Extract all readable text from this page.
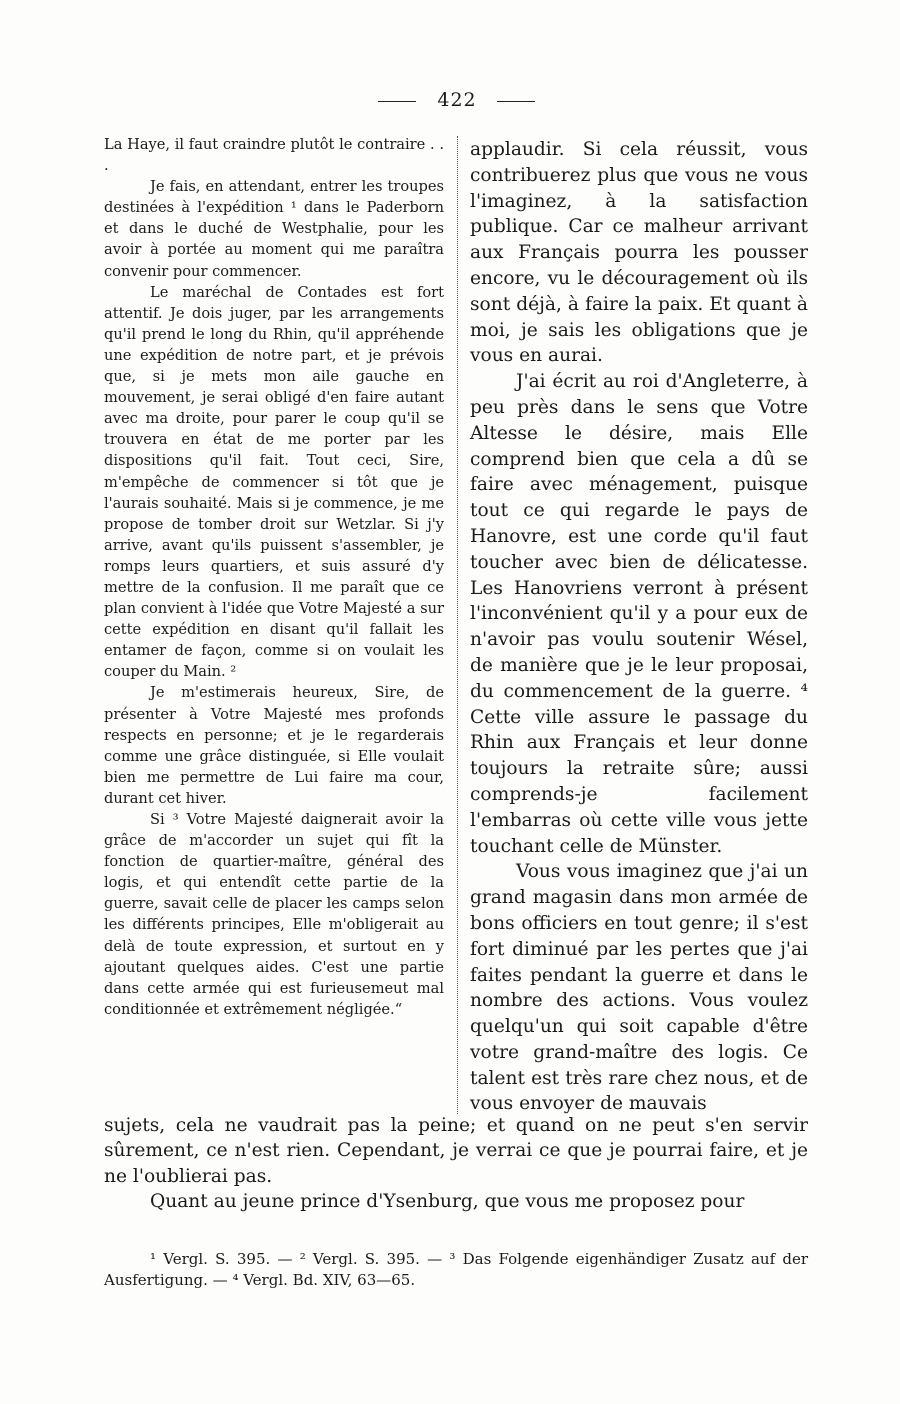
422

La Haye, il faut craindre plutôt le contraire . . .

Je fais, en attendant, entrer les troupes destinées à l'expédition ¹ dans le Paderborn et dans le duché de Westphalie, pour les avoir à portée au moment qui me paraîtra convenir pour commencer.

Le maréchal de Contades est fort attentif. Je dois juger, par les arrangements qu'il prend le long du Rhin, qu'il appréhende une expédition de notre part, et je prévois que, si je mets mon aile gauche en mouvement, je serai obligé d'en faire autant avec ma droite, pour parer le coup qu'il se trouvera en état de me porter par les dispositions qu'il fait. Tout ceci, Sire, m'empêche de commencer si tôt que je l'aurais souhaité. Mais si je commence, je me propose de tomber droit sur Wetzlar. Si j'y arrive, avant qu'ils puissent s'assembler, je romps leurs quartiers, et suis assuré d'y mettre de la confusion. Il me paraît que ce plan convient à l'idée que Votre Majesté a sur cette expédition en disant qu'il fallait les entamer de façon, comme si on voulait les couper du Main. ²

Je m'estimerais heureux, Sire, de présenter à Votre Majesté mes profonds respects en personne; et je le regarderais comme une grâce distinguée, si Elle voulait bien me permettre de Lui faire ma cour, durant cet hiver.

Si ³ Votre Majesté daignerait avoir la grâce de m'accorder un sujet qui fît la fonction de quartier-maître, général des logis, et qui entendît cette partie de la guerre, savait celle de placer les camps selon les différents principes, Elle m'obligerait au delà de toute expression, et surtout en y ajoutant quelques aides. C'est une partie dans cette armée qui est furieusemeut mal conditionnée et extrêmement négligée.“

applaudir. Si cela réussit, vous contribuerez plus que vous ne vous l'imaginez, à la satisfaction publique. Car ce malheur arrivant aux Français pourra les pousser encore, vu le découragement où ils sont déjà, à faire la paix. Et quant à moi, je sais les obligations que je vous en aurai.

J'ai écrit au roi d'Angleterre, à peu près dans le sens que Votre Altesse le désire, mais Elle comprend bien que cela a dû se faire avec ménagement, puisque tout ce qui regarde le pays de Hanovre, est une corde qu'il faut toucher avec bien de délicatesse. Les Hanovriens verront à présent l'inconvénient qu'il y a pour eux de n'avoir pas voulu soutenir Wésel, de manière que je le leur proposai, du commencement de la guerre. ⁴ Cette ville assure le passage du Rhin aux Français et leur donne toujours la retraite sûre; aussi comprends-je facilement l'embarras où cette ville vous jette touchant celle de Münster.

Vous vous imaginez que j'ai un grand magasin dans mon armée de bons officiers en tout genre; il s'est fort diminué par les pertes que j'ai faites pendant la guerre et dans le nombre des actions. Vous voulez quelqu'un qui soit capable d'être votre grand-maître des logis. Ce talent est très rare chez nous, et de vous envoyer de mauvais

sujets, cela ne vaudrait pas la peine; et quand on ne peut s'en servir sûrement, ce n'est rien. Cependant, je verrai ce que je pourrai faire, et je ne l'oublierai pas.

Quant au jeune prince d'Ysenburg, que vous me proposez pour

¹ Vergl. S. 395. — ² Vergl. S. 395. — ³ Das Folgende eigenhändiger Zusatz auf der Ausfertigung. — ⁴ Vergl. Bd. XIV, 63—65.
